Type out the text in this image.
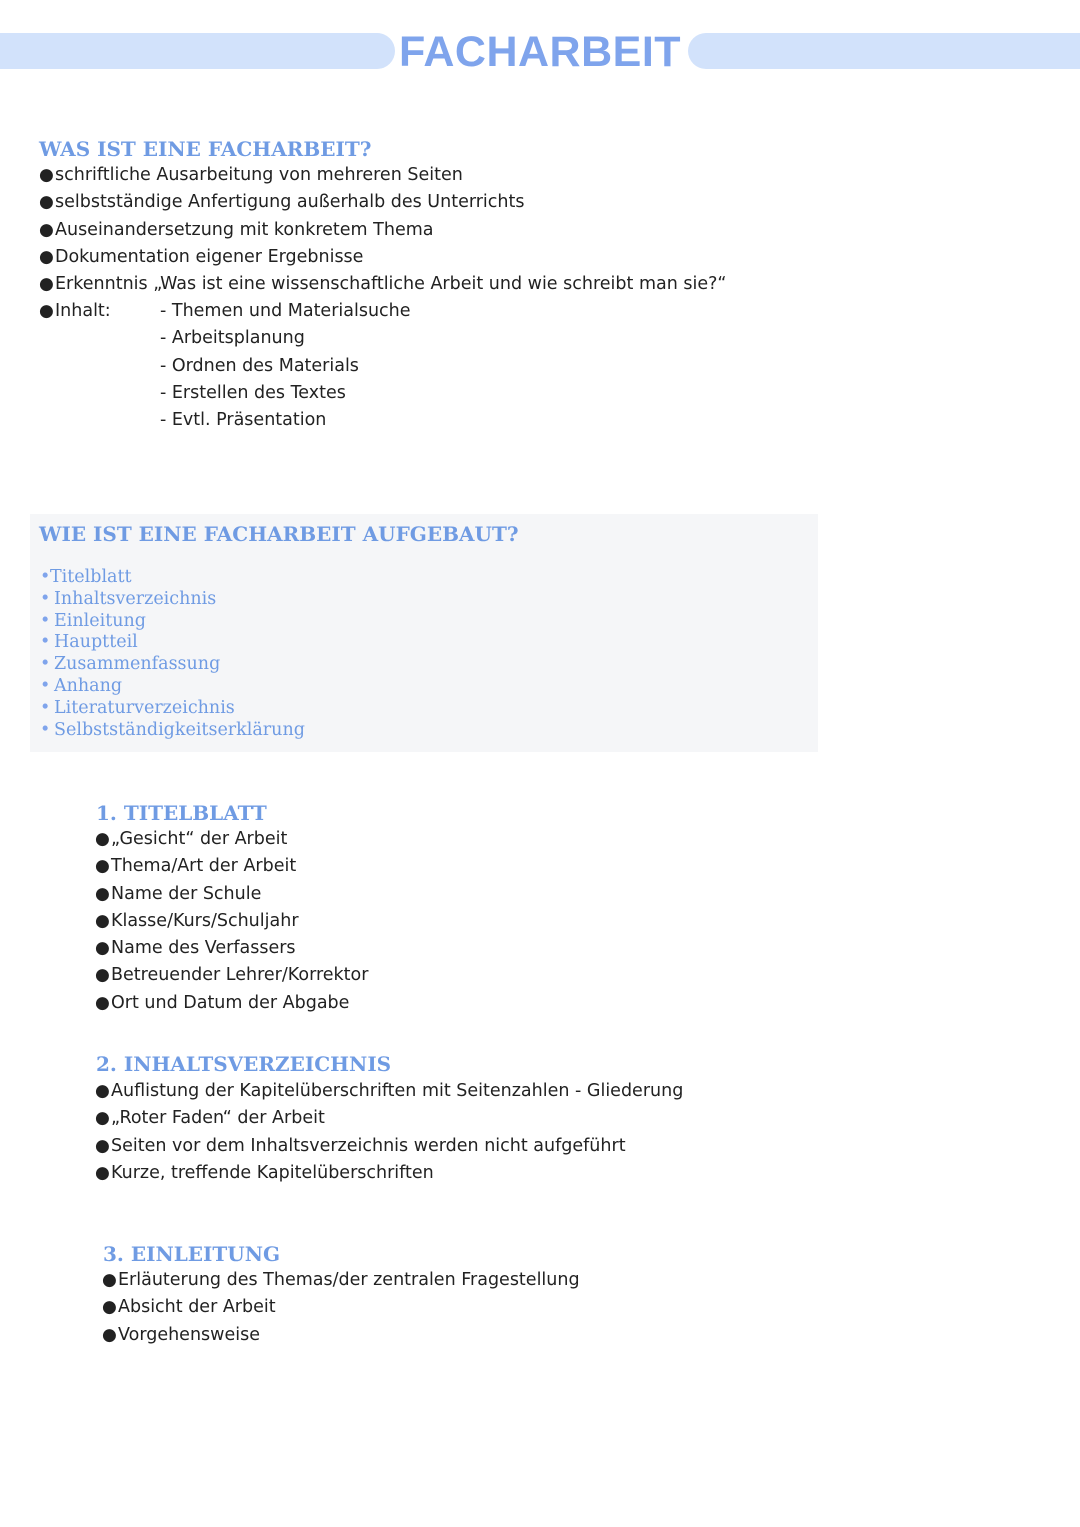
FACHARBEIT
WAS IST EINE FACHARBEIT?
●schriftliche Ausarbeitung von mehreren Seiten
●selbstständige Anfertigung außerhalb des Unterrichts
●Auseinandersetzung mit konkretem Thema
●Dokumentation eigener Ergebnisse
●Erkenntnis „Was ist eine wissenschaftliche Arbeit und wie schreibt man sie?“
●Inhalt:	- Themen und Materialsuche
- Arbeitsplanung
- Ordnen des Materials
- Erstellen des Textes
- Evtl. Präsentation
WIE IST EINE FACHARBEIT AUFGEBAUT?
•Titelblatt
• Inhaltsverzeichnis
• Einleitung
• Hauptteil
• Zusammenfassung
• Anhang
• Literaturverzeichnis
• Selbstständigkeitserklärung
1. TITELBLATT
●„Gesicht“ der Arbeit
●Thema/Art der Arbeit
●Name der Schule
●Klasse/Kurs/Schuljahr
●Name des Verfassers
●Betreuender Lehrer/Korrektor
●Ort und Datum der Abgabe
2. INHALTSVERZEICHNIS
●Auflistung der Kapitelüberschriften mit Seitenzahlen - Gliederung
●„Roter Faden“ der Arbeit
●Seiten vor dem Inhaltsverzeichnis werden nicht aufgeführt
●Kurze, treffende Kapitelüberschriften
3. EINLEITUNG
●Erläuterung des Themas/der zentralen Fragestellung
●Absicht der Arbeit
●Vorgehensweise
